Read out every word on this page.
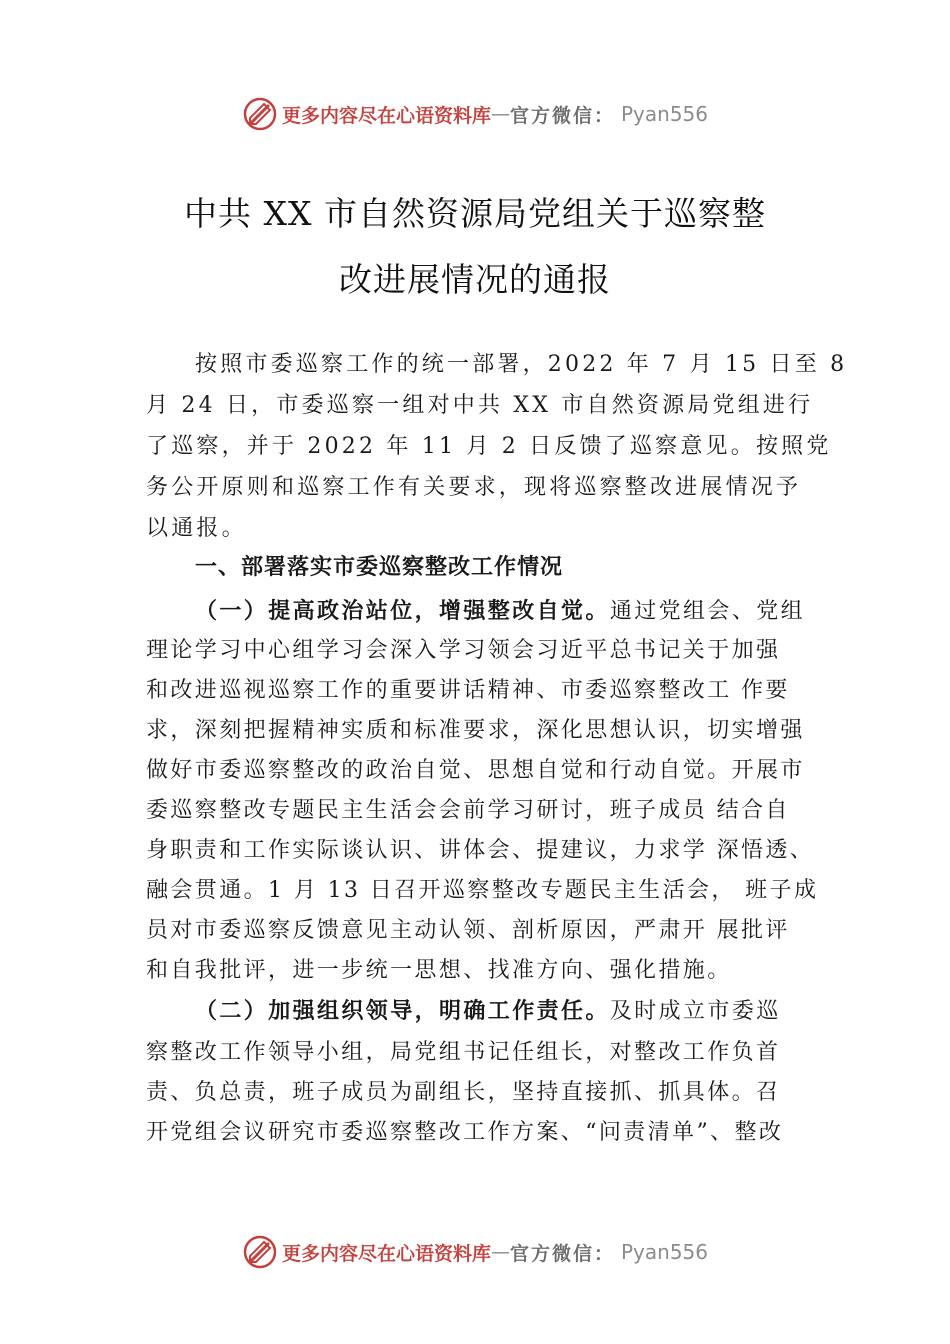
更多内容尽在心语资料库 — 官方微信： Pyan556
中共 XX 市自然资源局党组关于巡察整
改进展情况的通报
按照市委巡察工作的统一部署，2022 年 7 月 15 日至 8
月 24 日，市委巡察一组对中共 XX 市自然资源局党组进行
了巡察，并于 2022 年 11 月 2 日反馈了巡察意见。按照党
务公开原则和巡察工作有关要求，现将巡察整改进展情况予
以通报。
一、部署落实市委巡察整改工作情况
（一）提高政治站位，增强整改自觉。通过党组会、党组
理论学习中心组学习会深入学习领会习近平总书记关于加强
和改进巡视巡察工作的重要讲话精神、市委巡察整改工 作要
求，深刻把握精神实质和标准要求，深化思想认识，切实增强
做好市委巡察整改的政治自觉、思想自觉和行动自觉。开展市
委巡察整改专题民主生活会会前学习研讨，班子成员 结合自
身职责和工作实际谈认识、讲体会、提建议，力求学 深悟透、
融会贯通。1 月 13 日召开巡察整改专题民主生活会， 班子成
员对市委巡察反馈意见主动认领、剖析原因，严肃开 展批评
和自我批评，进一步统一思想、找准方向、强化措施。
（二）加强组织领导，明确工作责任。及时成立市委巡
察整改工作领导小组，局党组书记任组长，对整改工作负首
责、负总责，班子成员为副组长，坚持直接抓、抓具体。召
开党组会议研究市委巡察整改工作方案、“问责清单”、整改
更多内容尽在心语资料库 — 官方微信： Pyan556
